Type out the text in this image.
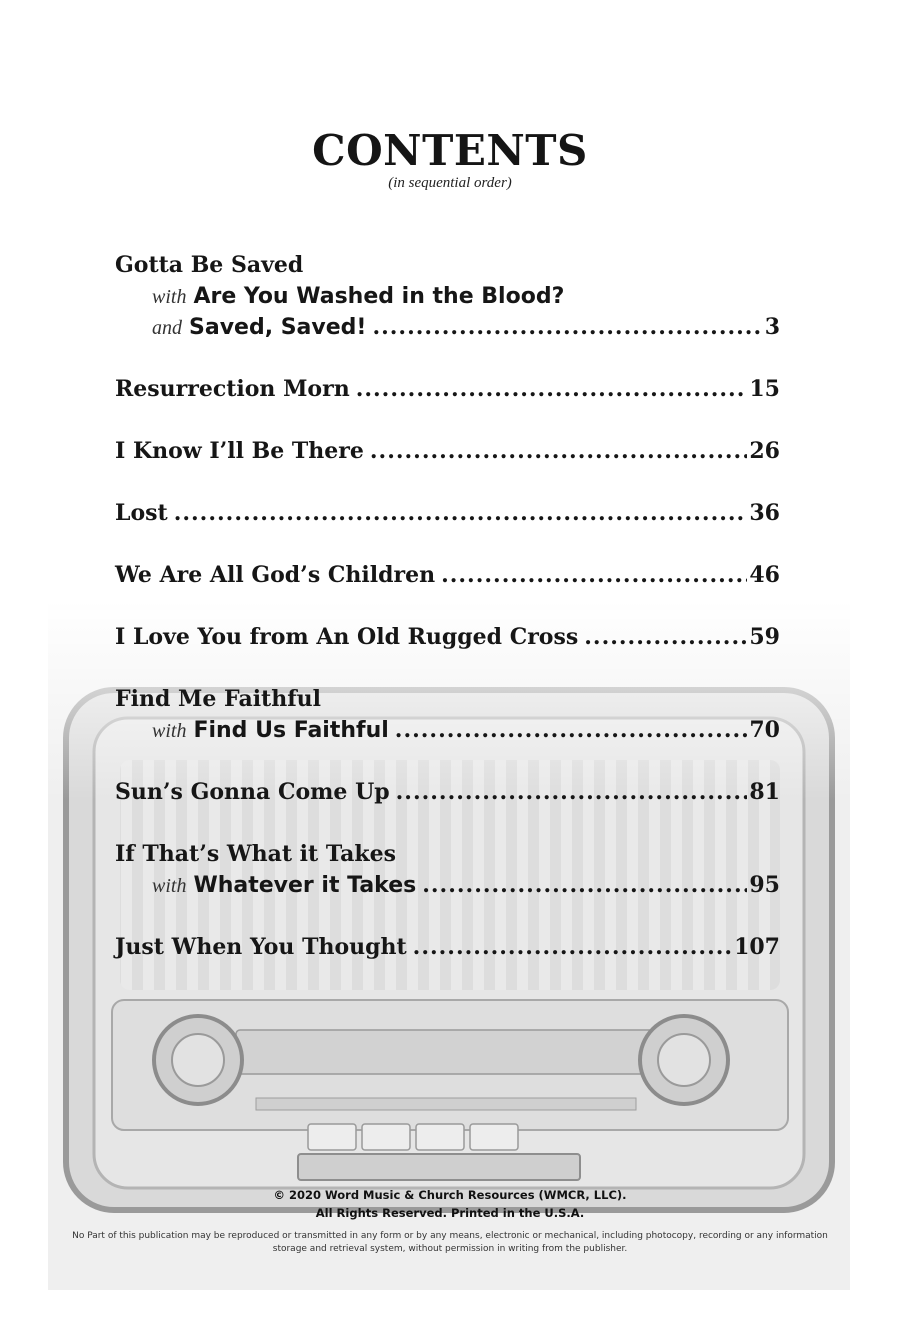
CONTENTS
(in sequential order)
Gotta Be Saved
with Are You Washed in the Blood?
and Saved, Saved! .....	3
Resurrection Morn .....	15
I Know I’ll Be There .....	26
Lost .....	36
We Are All God’s Children .....	46
I Love You from An Old Rugged Cross .....	59
Find Me Faithful
with Find Us Faithful .....	70
Sun’s Gonna Come Up .....	81
If That’s What it Takes
with Whatever it Takes .....	95
Just When You Thought .....	107
© 2020 Word Music & Church Resources (WMCR, LLC).
All Rights Reserved. Printed in the U.S.A.
No Part of this publication may be reproduced or transmitted in any form or by any means, electronic or mechanical, including photocopy, recording or any information storage and retrieval system, without permission in writing from the publisher.
